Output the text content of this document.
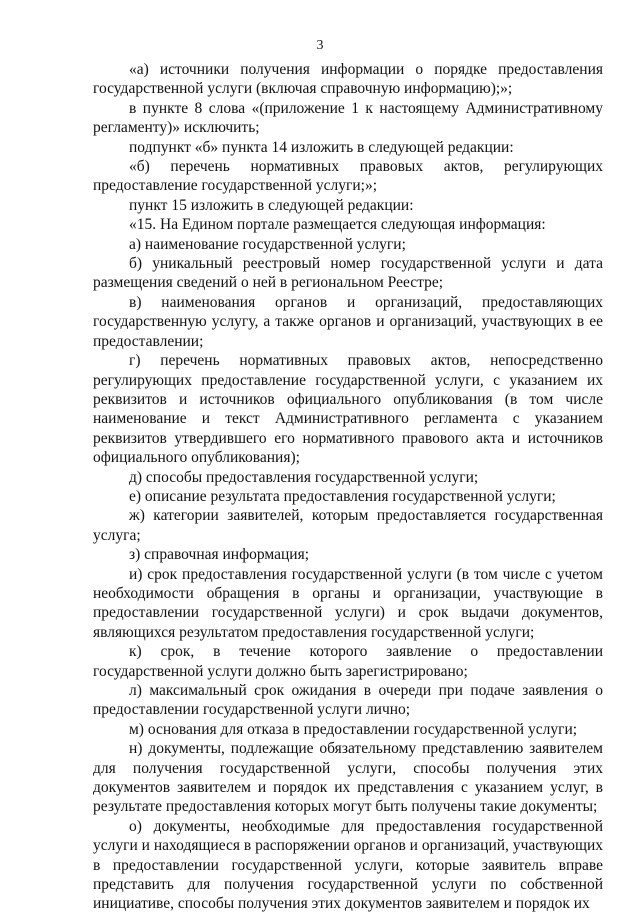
3

«а) источники получения информации о порядке предоставления государственной услуги (включая справочную информацию);»;

в пункте 8 слова «(приложение 1 к настоящему Административному регламенту)» исключить;

подпункт «б» пункта 14 изложить в следующей редакции:

«б) перечень нормативных правовых актов, регулирующих предоставление государственной услуги;»;

пункт 15 изложить в следующей редакции:

«15. На Едином портале размещается следующая информация:

а) наименование государственной услуги;

б) уникальный реестровый номер государственной услуги и дата размещения сведений о ней в региональном Реестре;

в) наименования органов и организаций, предоставляющих государственную услугу, а также органов и организаций, участвующих в ее предоставлении;

г) перечень нормативных правовых актов, непосредственно регулирующих предоставление государственной услуги, с указанием их реквизитов и источников официального опубликования (в том числе наименование и текст Административного регламента с указанием реквизитов утвердившего его нормативного правового акта и источников официального опубликования);

д) способы предоставления государственной услуги;

е) описание результата предоставления государственной услуги;

ж) категории заявителей, которым предоставляется государственная услуга;

з) справочная информация;

и) срок предоставления государственной услуги (в том числе с учетом необходимости обращения в органы и организации, участвующие в предоставлении государственной услуги) и срок выдачи документов, являющихся результатом предоставления государственной услуги;

к) срок, в течение которого заявление о предоставлении государственной услуги должно быть зарегистрировано;

л) максимальный срок ожидания в очереди при подаче заявления о предоставлении государственной услуги лично;

м) основания для отказа в предоставлении государственной услуги;

н) документы, подлежащие обязательному представлению заявителем для получения государственной услуги, способы получения этих документов заявителем и порядок их представления с указанием услуг, в результате предоставления которых могут быть получены такие документы;

о) документы, необходимые для предоставления государственной услуги и находящиеся в распоряжении органов и организаций, участвующих в предоставлении государственной услуги, которые заявитель вправе представить для получения государственной услуги по собственной инициативе, способы получения этих документов заявителем и порядок их
